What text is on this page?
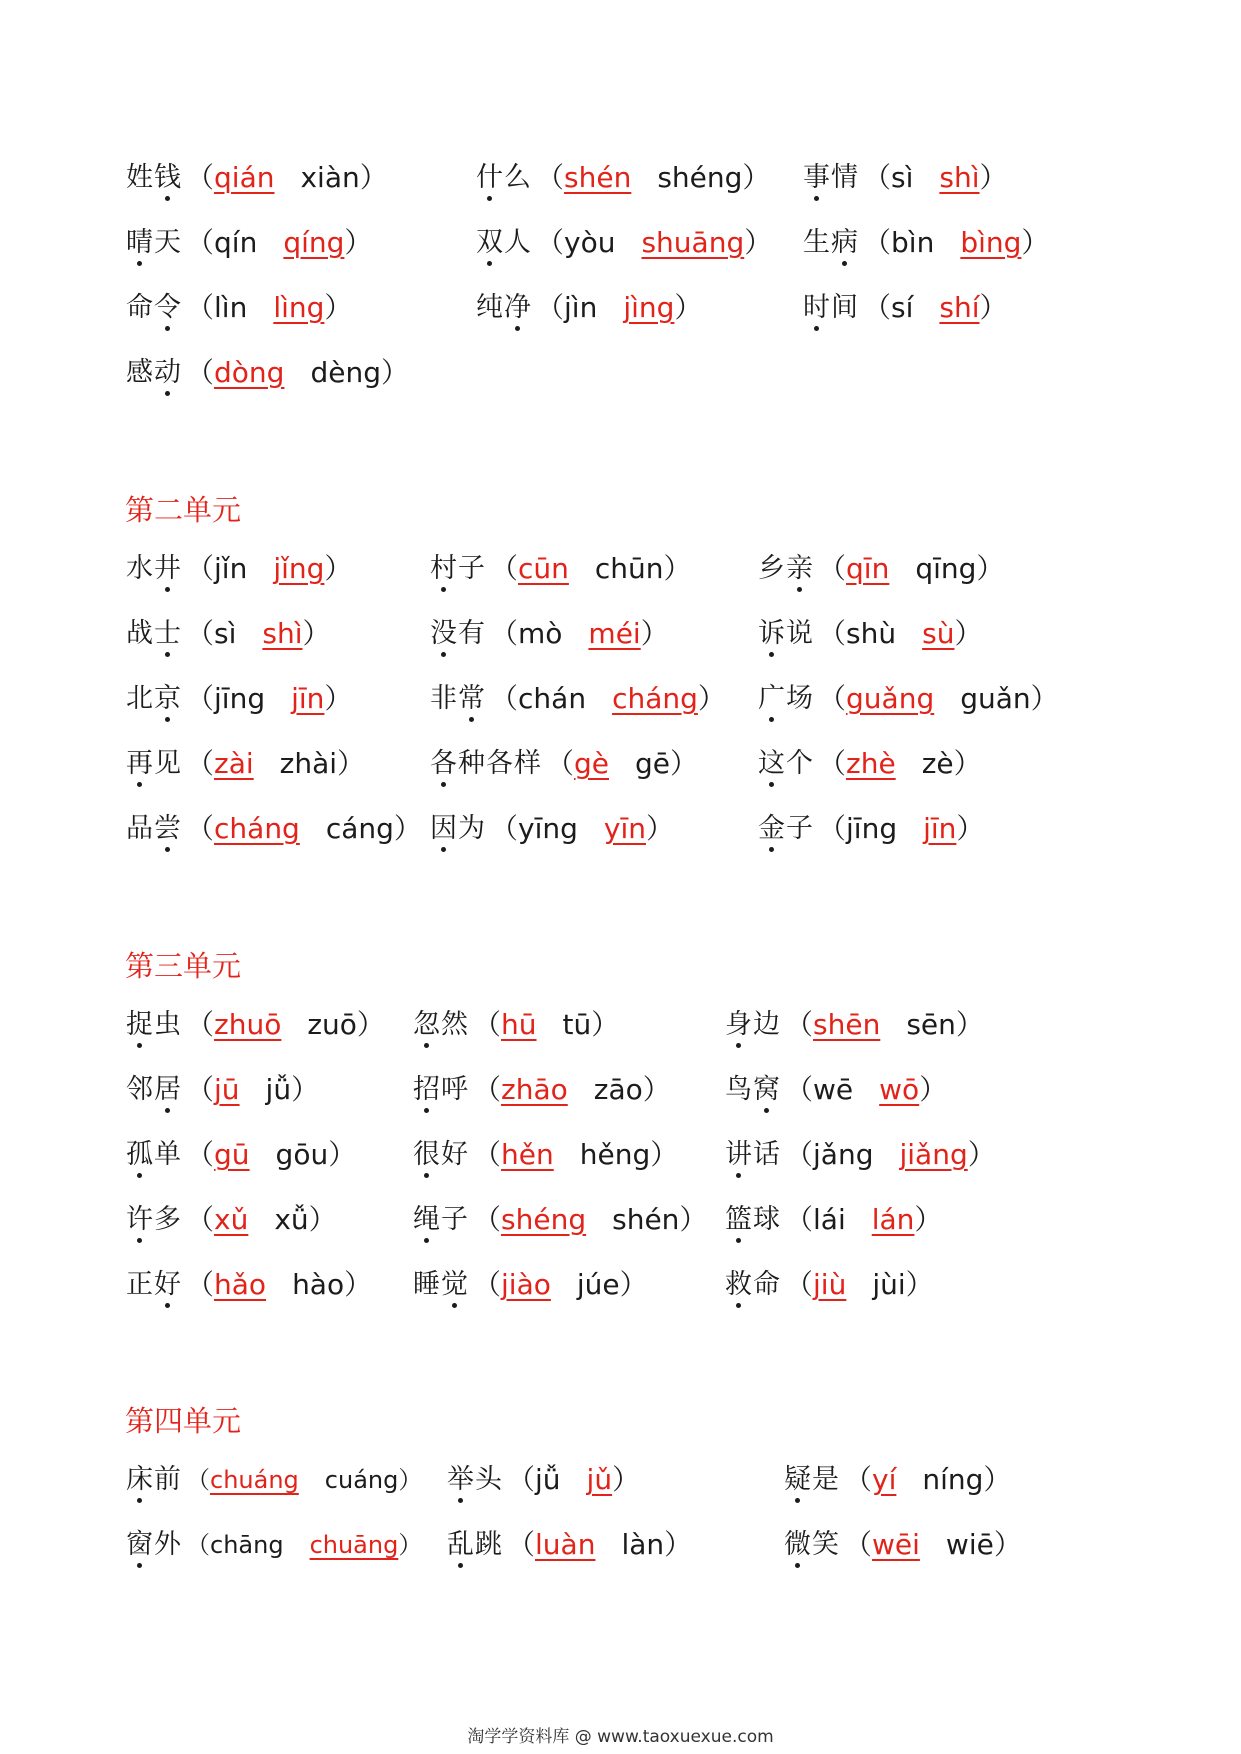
淘学学资料库 @ www.taoxuexue.com
姓 钱 （ qián xiàn ）	什 么 （ shén shéng ） 事 情 （ sì shì ）
晴 天 （ qín qíng ）	双 人 （ yòu shuāng ） 生 病 （ bìn bìng ）
命 令 （ lìn lìng ）	纯 净 （ jìn jìng ）	时 间 （ sí shí ）
感 动 （ dòng dèng ）
第二单元
水 井 （ jǐn jǐng ）	村 子 （ cūn chūn ） 乡 亲 （ qīn qīng ）
战 士 （ sì shì ）	没 有 （ mò méi ）	诉 说 （ shù sù ）
北 京 （ jīng jīn ）	非 常 （ chán cháng ） 广 场 （ guǎng guǎn ）
再 见 （ zài zhài ） 各 种 各 样 （ gè gē ） 这 个 （ zhè zè ）
品 尝 （ cháng cáng ） 因 为 （ yīng yīn ）	金 子 （ jīng jīn ）
第三单元
捉 虫 （ zhuō zuō ） 忽 然 （ hū tū ）	身 边 （ shēn sēn ）
邻 居 （ jū jǚ ）	招 呼 （ zhāo zāo ） 鸟 窝 （ wē wō ）
孤 单 （ gū gōu ） 很 好 （ hěn hěng ） 讲 话 （ jǎng jiǎng ）
许 多 （ xǔ xǚ ）	绳 子 （ shéng shén ） 篮 球 （ lái lán ）
正 好 （ hǎo hào ） 睡 觉 （ jiào júe ）	救 命 （ jiù jùi ）
第四单元
床 前 （ chuáng cuáng ） 举 头 （ jǚ jǔ ）	疑 是 （ yí níng ）
窗 外 （ chāng chuāng ） 乱 跳 （ luàn làn ）	微 笑 （ wēi wiē ）
